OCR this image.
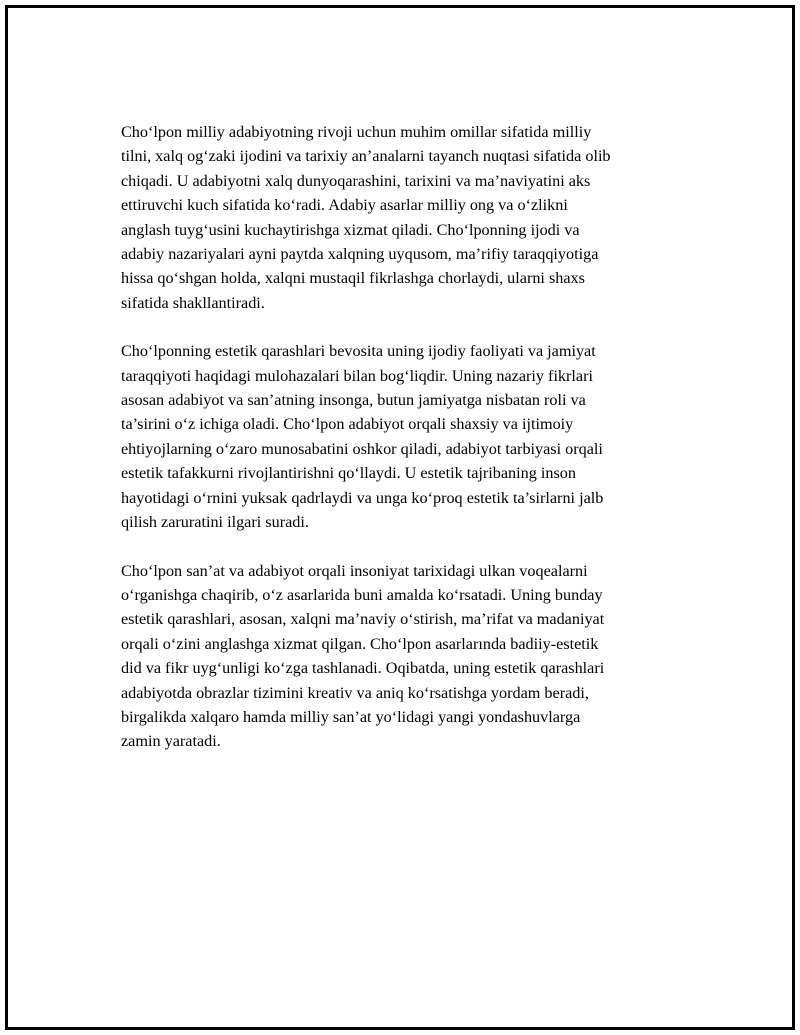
Cho‘lpon milliy adabiyotning rivoji uchun muhim omillar sifatida milliy
tilni, xalq og‘zaki ijodini va tarixiy an’analarni tayanch nuqtasi sifatida olib
chiqadi. U adabiyotni xalq dunyoqarashini, tarixini va ma’naviyatini aks
ettiruvchi kuch sifatida ko‘radi. Adabiy asarlar milliy ong va o‘zlikni
anglash tuyg‘usini kuchaytirishga xizmat qiladi. Cho‘lponning ijodi va
adabiy nazariyalari ayni paytda xalqning uyqusom, ma’rifiy taraqqiyotiga
hissa qo‘shgan holda, xalqni mustaqil fikrlashga chorlaydi, ularni shaxs
sifatida shakllantiradi.

Cho‘lponning estetik qarashlari bevosita uning ijodiy faoliyati va jamiyat
taraqqiyoti haqidagi mulohazalari bilan bog‘liqdir. Uning nazariy fikrlari
asosan adabiyot va san’atning insonga, butun jamiyatga nisbatan roli va
ta’sirini o‘z ichiga oladi. Cho‘lpon adabiyot orqali shaxsiy va ijtimoiy
ehtiyojlarning o‘zaro munosabatini oshkor qiladi, adabiyot tarbiyasi orqali
estetik tafakkurni rivojlantirishni qo‘llaydi. U estetik tajribaning inson
hayotidagi o‘rnini yuksak qadrlaydi va unga ko‘proq estetik ta’sirlarni jalb
qilish zaruratini ilgari suradi.

Cho‘lpon san’at va adabiyot orqali insoniyat tarixidagi ulkan voqealarni
o‘rganishga chaqirib, o‘z asarlarida buni amalda ko‘rsatadi. Uning bunday
estetik qarashlari, asosan, xalqni ma’naviy o‘stirish, ma’rifat va madaniyat
orqali o‘zini anglashga xizmat qilgan. Cho‘lpon asarlarında badiiy-estetik
did va fikr uyg‘unligi ko‘zga tashlanadi. Oqibatda, uning estetik qarashlari
adabiyotda obrazlar tizimini kreativ va aniq ko‘rsatishga yordam beradi,
birgalikda xalqaro hamda milliy san’at yo‘lidagi yangi yondashuvlarga
zamin yaratadi.
